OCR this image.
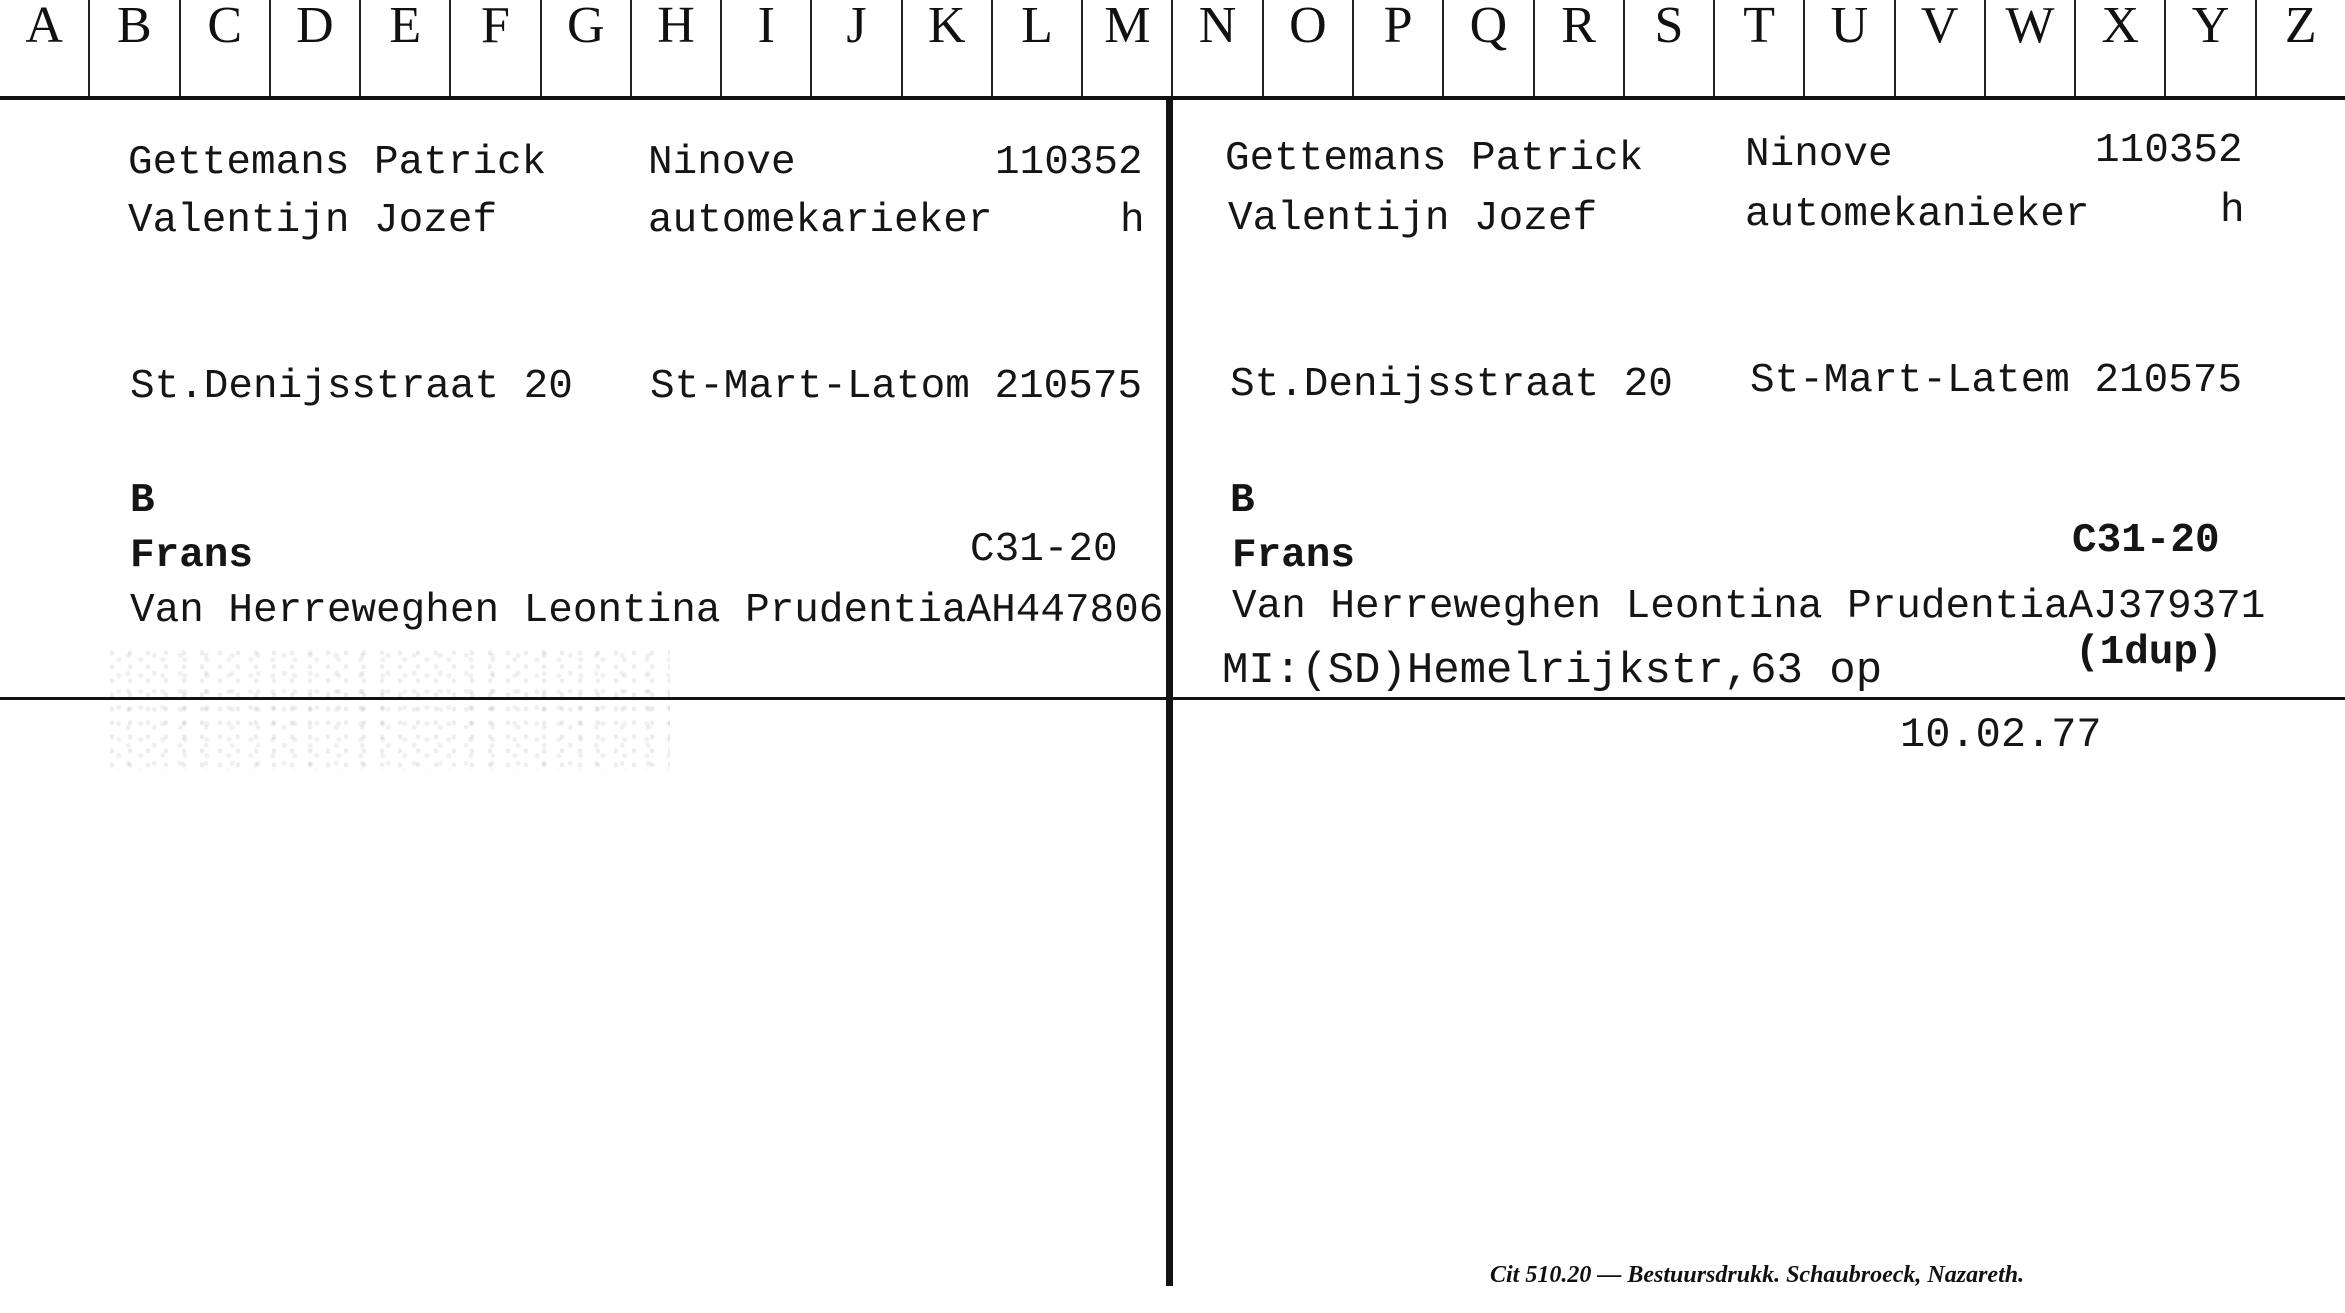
A	B	C	D	E	F	G	H	I	J	K	L M N	O	P	Q	R	S	T	U	V W X	Y	Z
Gettemans Patrick Ninove	110352
Valentijn Jozef	automekarieker	h
St.Denijsstraat 20 St-Mart-Latom 210575
B
Frans	C31-20
Van Herreweghen Leontina PrudentiaAH447806
Gettemans Patrick Ninove	110352
Valentijn Jozef	automekanieker	h
St.Denijsstraat 20 St-Mart-Latem 210575
B
Frans	C31-20
Van Herreweghen Leontina PrudentiaAJ379371
(1dup)
MI:(SD)Hemelrijkstr,63 op
10.02.77
Cit 510.20 — Bestuursdrukk. Schaubroeck, Nazareth.
